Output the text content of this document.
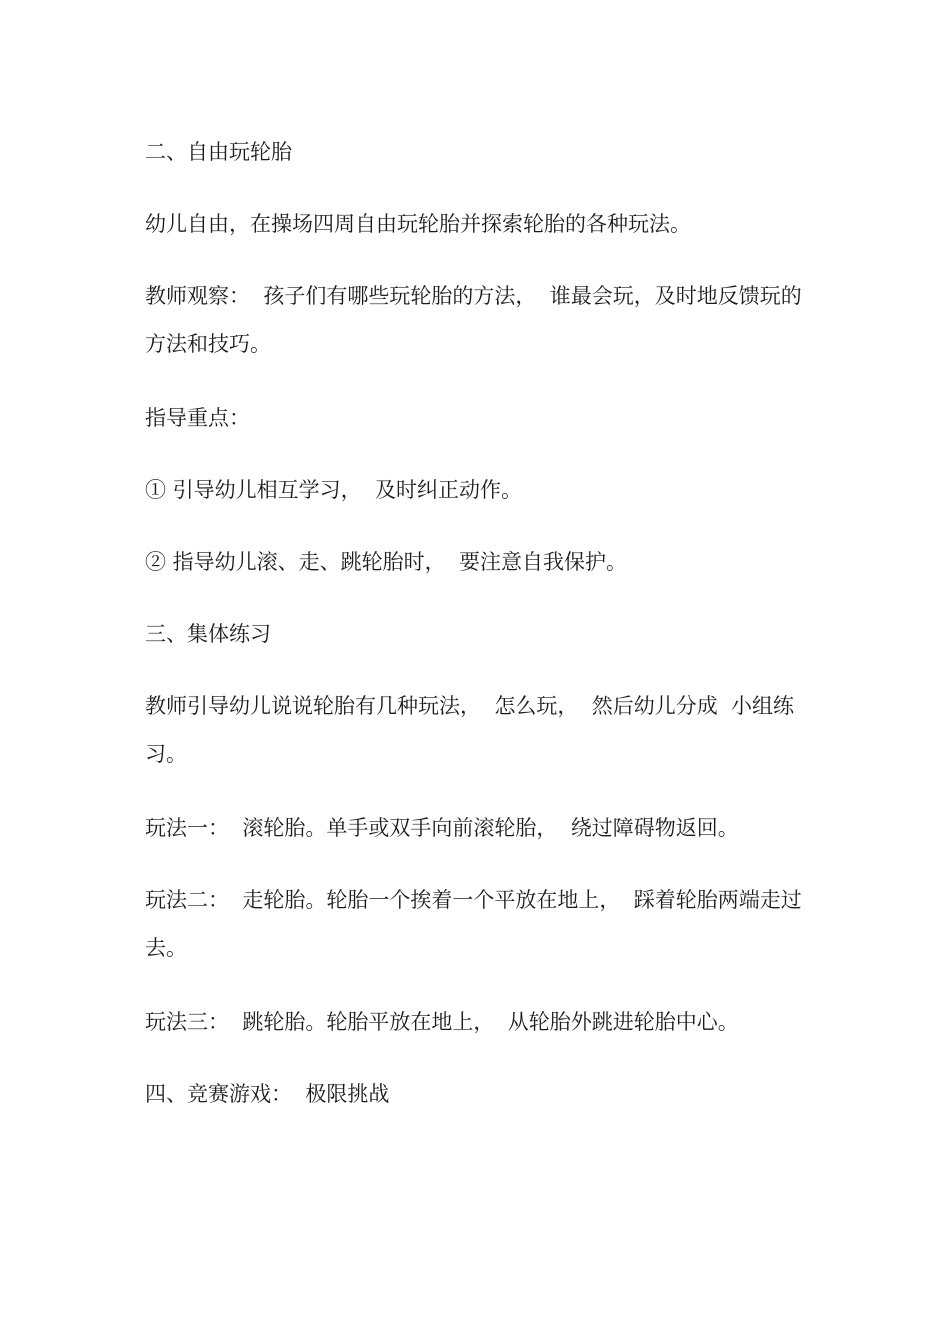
二、自由玩轮胎

幼儿自由，在操场四周自由玩轮胎并探索轮胎的各种玩法。

教师观察：  孩子们有哪些玩轮胎的方法，  谁最会玩，及时地反馈玩的方法和技巧。

指导重点：

① 引导幼儿相互学习，  及时纠正动作。

② 指导幼儿滚、走、跳轮胎时，  要注意自我保护。

三、集体练习

教师引导幼儿说说轮胎有几种玩法，  怎么玩，  然后幼儿分成  小组练习。

玩法一：  滚轮胎。单手或双手向前滚轮胎，  绕过障碍物返回。

玩法二：  走轮胎。轮胎一个挨着一个平放在地上，  踩着轮胎两端走过去。

玩法三：  跳轮胎。轮胎平放在地上，  从轮胎外跳进轮胎中心。

四、竞赛游戏：  极限挑战
